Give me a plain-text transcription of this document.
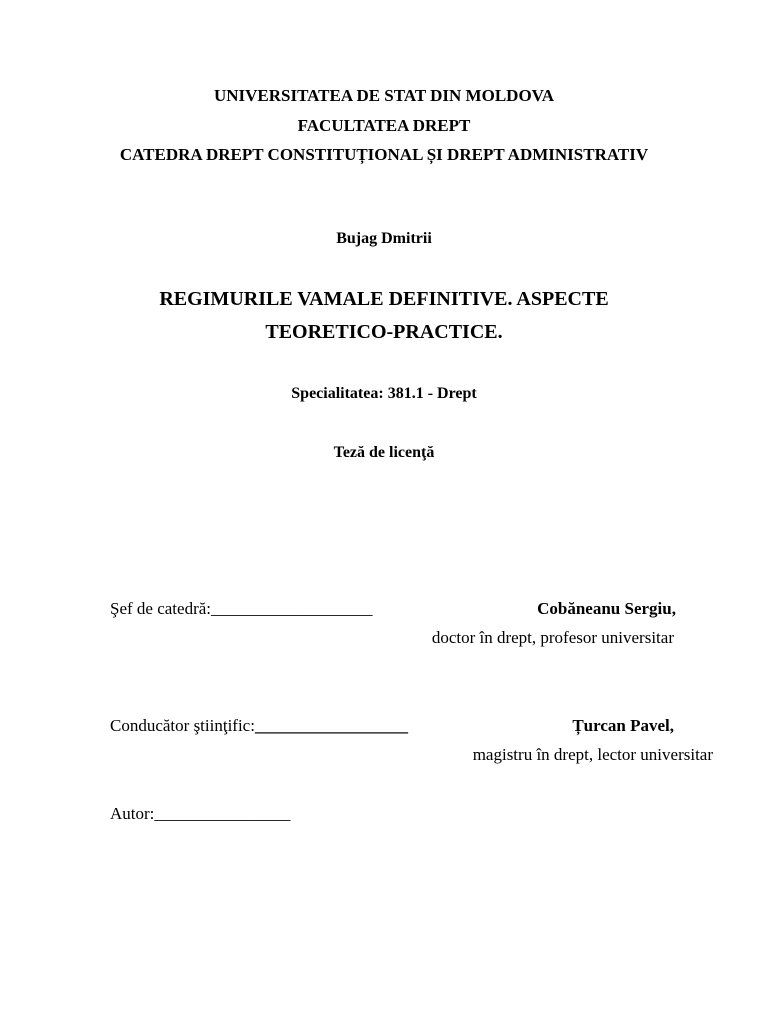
UNIVERSITATEA DE STAT DIN MOLDOVA
FACULTATEA DREPT
CATEDRA DREPT CONSTITUȚIONAL ȘI DREPT ADMINISTRATIV
Bujag Dmitrii
REGIMURILE VAMALE DEFINITIVE. ASPECTE
TEORETICO-PRACTICE.
Specialitatea: 381.1 - Drept
Teză de licenţă
Şef de catedră:___________________	Cobăneanu Sergiu,
doctor în drept, profesor universitar
Conducător ştiinţific:__________________	Țurcan Pavel,
magistru în drept, lector universitar
Autor:________________
